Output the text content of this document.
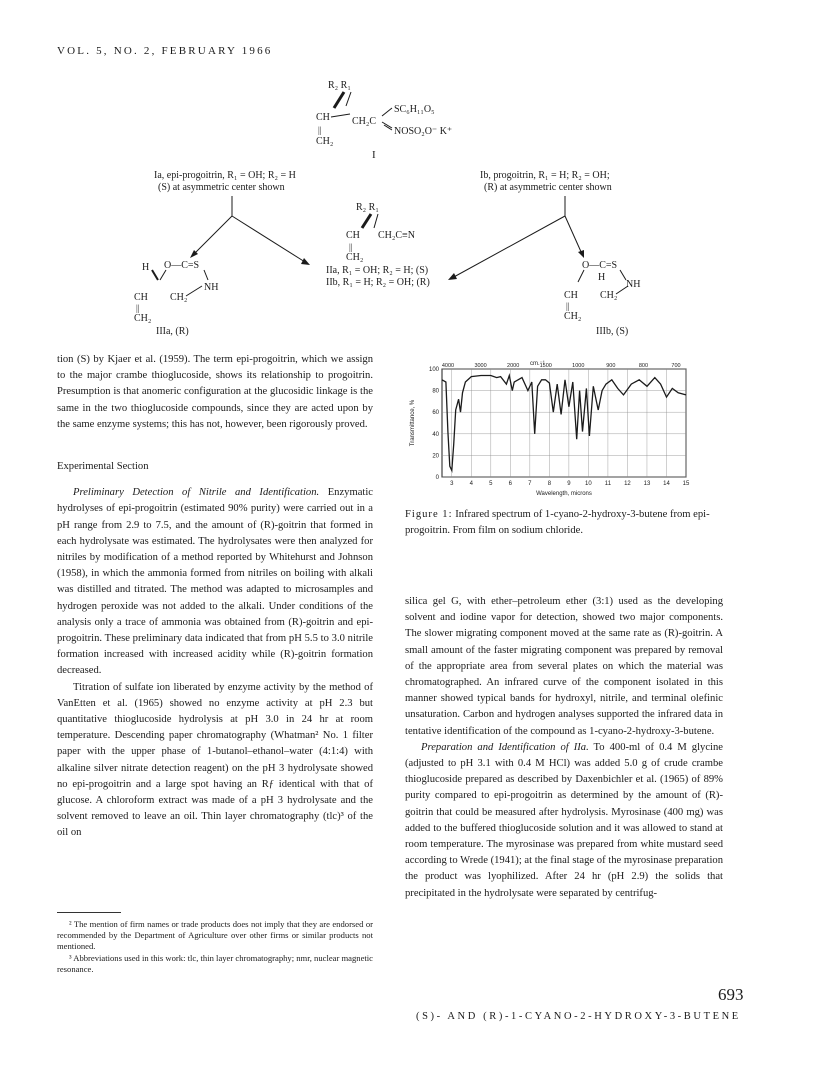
VOL. 5, NO. 2, FEBRUARY 1966
R₂ R₁
CH CH₂C
SC₆H₁₁O₅
NOSO₂O⁻ K⁺
||
CH₂
I
Ia, epi-progoitrin, R₁ = OH; R₂ = H
(S) at asymmetric center shown
Ib, progoitrin, R₁ = H; R₂ = OH;
(R) at asymmetric center shown
R₂ R₁
CH CH₂C≡N
||
CH₂
IIa, R₁ = OH; R₂ = H; (S)
IIb, R₁ = H; R₂ = OH; (R)
H O—C=S
NH
CH CH₂
||
CH₂
IIIa, (R)
O—C=S
H
NH
CH CH₂
||
CH₂
IIIb, (S)

tion (S) by Kjaer et al. (1959). The term epi-progoitrin, which we assign to the major crambe thioglucoside, shows its relationship to progoitrin. Presumption is that anomeric configuration at the glucosidic linkage is the same in the two thioglucoside compounds, since they are acted upon by the same enzyme systems; this has not, however, been rigorously proved.

Experimental Section

Preliminary Detection of Nitrile and Identification. Enzymatic hydrolyses of epi-progoitrin (estimated 90% purity) were carried out in a pH range from 2.9 to 7.5, and the amount of (R)-goitrin that formed in each hydrolysate was estimated. The hydrolysates were then analyzed for nitriles by modification of a method reported by Whitehurst and Johnson (1958), in which the ammonia formed from nitriles on boiling with alkali was distilled and titrated. The method was adapted to microsamples and hydrogen peroxide was not added to the alkali. Under conditions of the analysis only a trace of ammonia was obtained from (R)-goitrin and epi-progoitrin. These preliminary data indicated that from pH 5.5 to 3.0 nitrile formation increased with increased acidity while (R)-goitrin formation decreased.

Titration of sulfate ion liberated by enzyme activity by the method of VanEtten et al. (1965) showed no enzyme activity at pH 2.3 but quantitative thioglucoside hydrolysis at pH 3.0 in 24 hr at room temperature. Descending paper chromatography (Whatman² No. 1 filter paper with the upper phase of 1-butanol–ethanol–water (4:1:4) with alkaline silver nitrate detection reagent) on the pH 3 hydrolysate showed no epi-progoitrin and a large spot having an Rƒ identical with that of glucose. A chloroform extract was made of a pH 3 hydrolysate and the solvent removed to leave an oil. Thin layer chromatography (tlc)³ of the oil on

² The mention of firm names or trade products does not imply that they are endorsed or recommended by the Department of Agriculture over other firms or similar products not mentioned.

³ Abbreviations used in this work: tlc, thin layer chromatography; nmr, nuclear magnetic resonance.

cm.⁻¹
4000	3000	2000	1500	1000	900	800	700
0
20
40
60
80
100
3	4	5	6	7	8	9 10 11 12 13 14 15
Transmittance, %
Wavelength, microns
Figure 1: Infrared spectrum of 1-cyano-2-hydroxy-3-butene from epi-progoitrin. From film on sodium chloride.

silica gel G, with ether–petroleum ether (3:1) used as the developing solvent and iodine vapor for detection, showed two major components. The slower migrating component moved at the same rate as (R)-goitrin. A small amount of the faster migrating component was prepared by removal of the appropriate area from several plates on which the material was chromatographed. An infrared curve of the component isolated in this manner showed typical bands for hydroxyl, nitrile, and terminal olefinic unsaturation. Carbon and hydrogen analyses supported the infrared data in tentative identification of the compound as 1-cyano-2-hydroxy-3-butene.

Preparation and Identification of IIa. To 400-ml of 0.4 M glycine (adjusted to pH 3.1 with 0.4 M HCl) was added 5.0 g of crude crambe thioglucoside prepared as described by Daxenbichler et al. (1965) of 89% purity compared to epi-progoitrin as determined by the amount of (R)-goitrin that could be measured after hydrolysis. Myrosinase (400 mg) was added to the buffered thioglucoside solution and it was allowed to stand at room temperature. The myrosinase was prepared from white mustard seed according to Wrede (1941); at the final stage of the myrosinase preparation the product was lyophilized. After 24 hr (pH 2.9) the solids that precipitated in the hydrolysate were separated by centrifug-

693
(S)- AND (R)-1-CYANO-2-HYDROXY-3-BUTENE
